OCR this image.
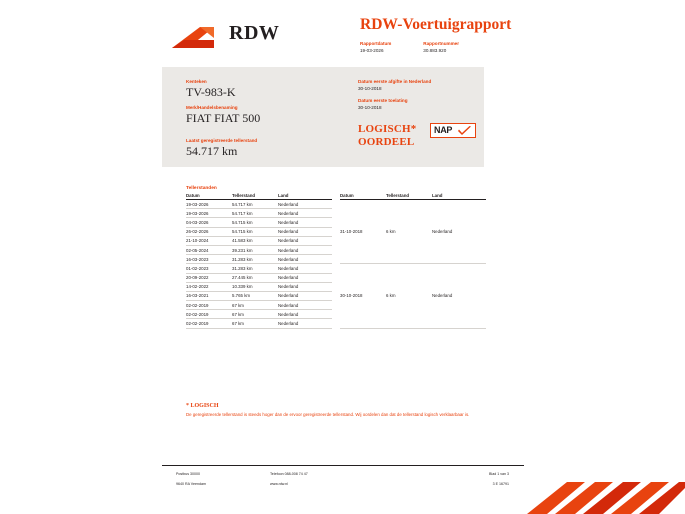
RDW	RDW-Voertuigrapport
Rapportdatum
19-03-2026

Rapportnummer
30.883.920
Kenteken
TV-983-K
Merk/Handelsbenaming
FIAT FIAT 500
Datum eerste afgifte in Nederland
30-10-2018
Datum eerste toelating
30-10-2018
Laatst geregistreerde tellerstand
54.717 km
LOGISCH*
OORDEEL
NAP
Tellerstanden
Datum	Tellerstand	Land
19-03-2026	54.717 km	Nederland
19-03-2026	54.717 km	Nederland
04-03-2026	54.715 km	Nederland
26-02-2026	54.715 km	Nederland
21-10-2024	41.583 km	Nederland
02-05-2024	39.231 km	Nederland
16-03-2023	31.283 km	Nederland
01-02-2023	31.283 km	Nederland
20-09-2022	27.445 km	Nederland
14-02-2022	10.339 km	Nederland
16-03-2021	5.765 km	Nederland
02-02-2019	67 km	Nederland
02-02-2019	67 km	Nederland
02-02-2019	67 km	Nederland
Datum	Tellerstand	Land
31-10-2018	6 km	Nederland
30-10-2018	6 km	Nederland
* LOGISCH
De geregistreerde tellerstand is steeds hoger dan de ervoor geregistreerde tellerstand. Wij oordelen dan dat de tellerstand logisch verklaarbaar is.
Postbus 30000
9640 RA Veendam
Telefoon 088-008 74 47
www.rdw.nl
Blad 1 van 3
3 E 16791
